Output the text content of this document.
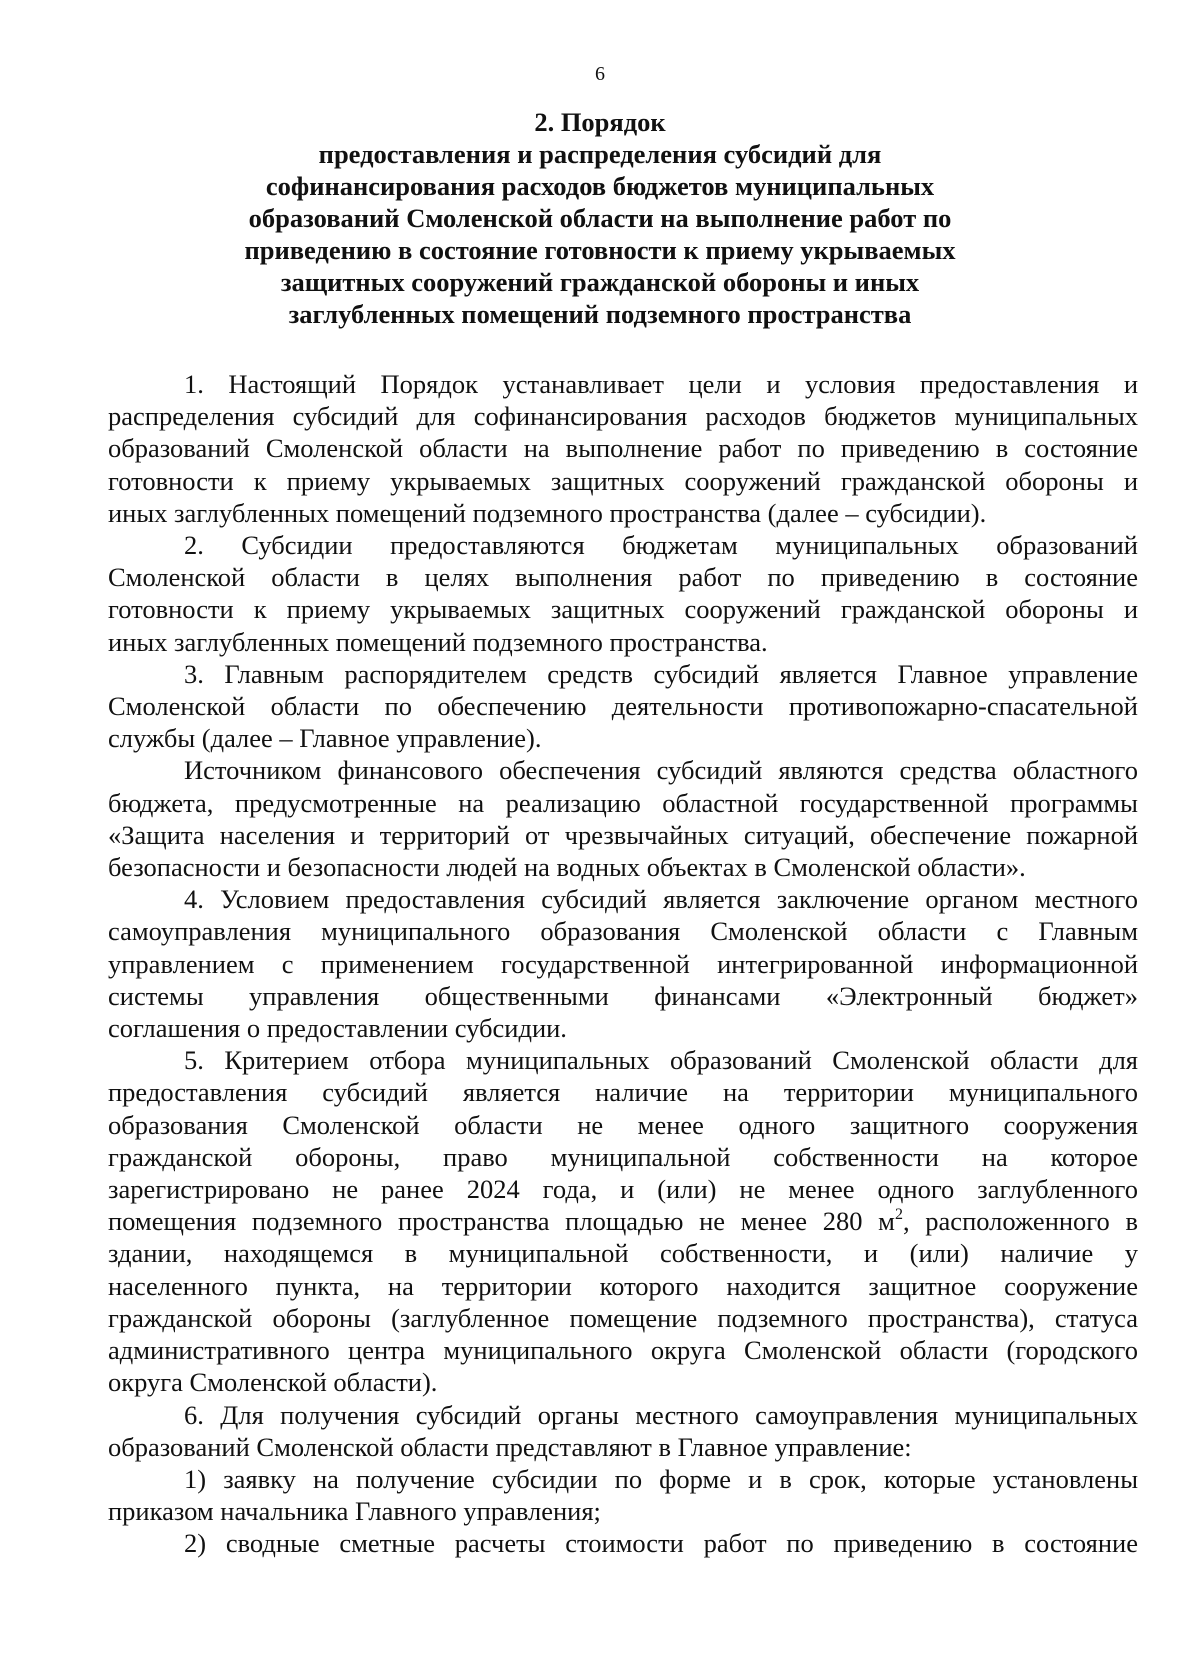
6
2. Порядок
предоставления и распределения субсидий для
софинансирования расходов бюджетов муниципальных
образований Смоленской области на выполнение работ по
приведению в состояние готовности к приему укрываемых
защитных сооружений гражданской обороны и иных
заглубленных помещений подземного пространства
1. Настоящий Порядок устанавливает цели и условия предоставления и
распределения субсидий для софинансирования расходов бюджетов муниципальных
образований Смоленской области на выполнение работ по приведению в состояние
готовности к приему укрываемых защитных сооружений гражданской обороны и
иных заглубленных помещений подземного пространства (далее – субсидии).
2. Субсидии предоставляются бюджетам муниципальных образований
Смоленской области в целях выполнения работ по приведению в состояние
готовности к приему укрываемых защитных сооружений гражданской обороны и
иных заглубленных помещений подземного пространства.
3. Главным распорядителем средств субсидий является Главное управление
Смоленской области по обеспечению деятельности противопожарно-спасательной
службы (далее – Главное управление).
Источником финансового обеспечения субсидий являются средства областного
бюджета, предусмотренные на реализацию областной государственной программы
«Защита населения и территорий от чрезвычайных ситуаций, обеспечение пожарной
безопасности и безопасности людей на водных объектах в Смоленской области».
4. Условием предоставления субсидий является заключение органом местного
самоуправления муниципального образования Смоленской области с Главным
управлением с применением государственной интегрированной информационной
системы управления общественными финансами «Электронный бюджет»
соглашения о предоставлении субсидии.
5. Критерием отбора муниципальных образований Смоленской области для
предоставления субсидий является наличие на территории муниципального
образования Смоленской области не менее одного защитного сооружения
гражданской обороны, право муниципальной собственности на которое
зарегистрировано не ранее 2024 года, и (или) не менее одного заглубленного
помещения подземного пространства площадью не менее 280 $м^2$, расположенного в
здании, находящемся в муниципальной собственности, и (или) наличие у
населенного пункта, на территории которого находится защитное сооружение
гражданской обороны (заглубленное помещение подземного пространства), статуса
административного центра муниципального округа Смоленской области (городского
округа Смоленской области).
6. Для получения субсидий органы местного самоуправления муниципальных
образований Смоленской области представляют в Главное управление:
1) заявку на получение субсидии по форме и в срок, которые установлены
приказом начальника Главного управления;
2) сводные сметные расчеты стоимости работ по приведению в состояние
